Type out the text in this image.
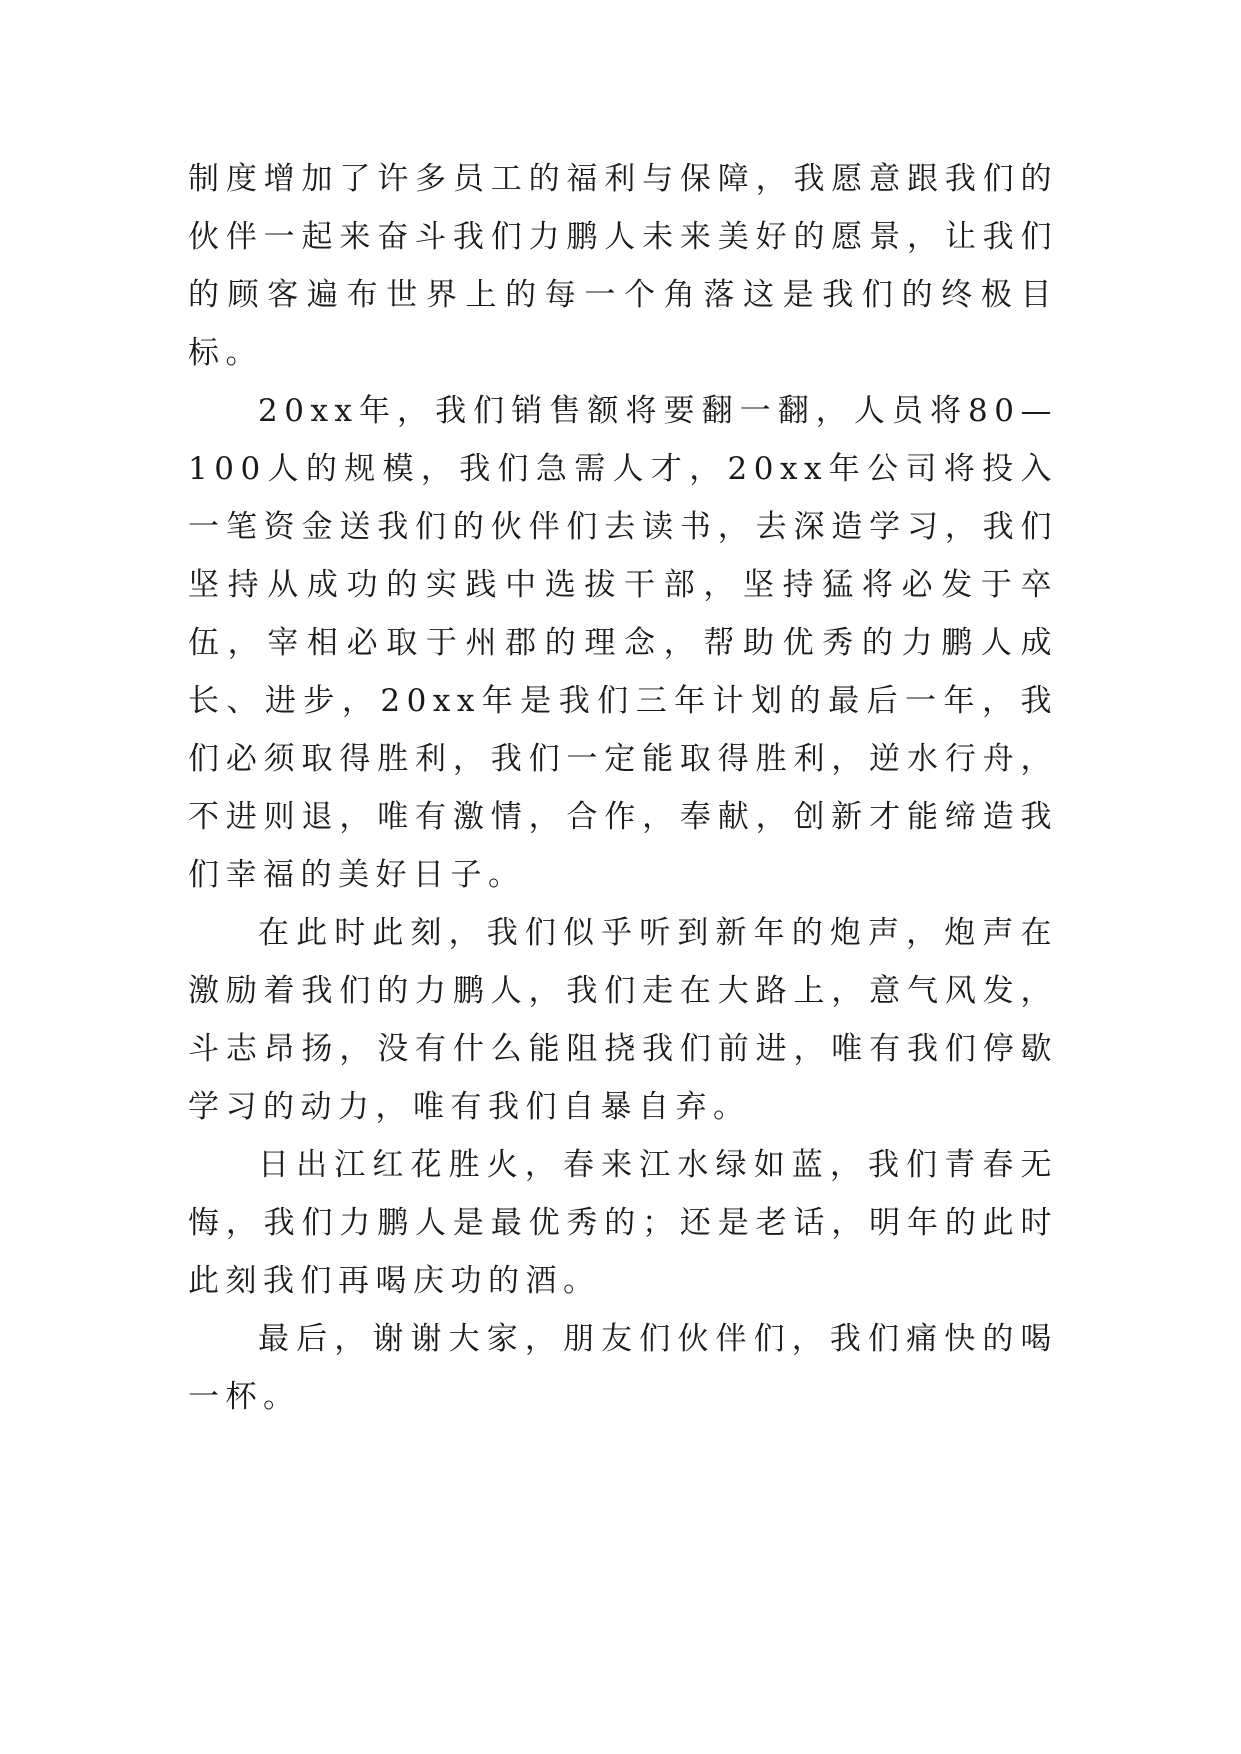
制度增加了许多员工的福利与保障，我愿意跟我们的伙伴一起来奋斗我们力鹏人未来美好的愿景，让我们的顾客遍布世界上的每一个角落这是我们的终极目标。

20xx年，我们销售额将要翻一翻，人员将80—100人的规模，我们急需人才，20xx年公司将投入一笔资金送我们的伙伴们去读书，去深造学习，我们坚持从成功的实践中选拔干部，坚持猛将必发于卒伍，宰相必取于州郡的理念，帮助优秀的力鹏人成长、进步，20xx年是我们三年计划的最后一年，我们必须取得胜利，我们一定能取得胜利，逆水行舟，不进则退，唯有激情，合作，奉献，创新才能缔造我们幸福的美好日子。

在此时此刻，我们似乎听到新年的炮声，炮声在激励着我们的力鹏人，我们走在大路上，意气风发，斗志昂扬，没有什么能阻挠我们前进，唯有我们停歇学习的动力，唯有我们自暴自弃。

日出江红花胜火，春来江水绿如蓝，我们青春无悔，我们力鹏人是最优秀的；还是老话，明年的此时此刻我们再喝庆功的酒。

最后，谢谢大家，朋友们伙伴们，我们痛快的喝一杯。
